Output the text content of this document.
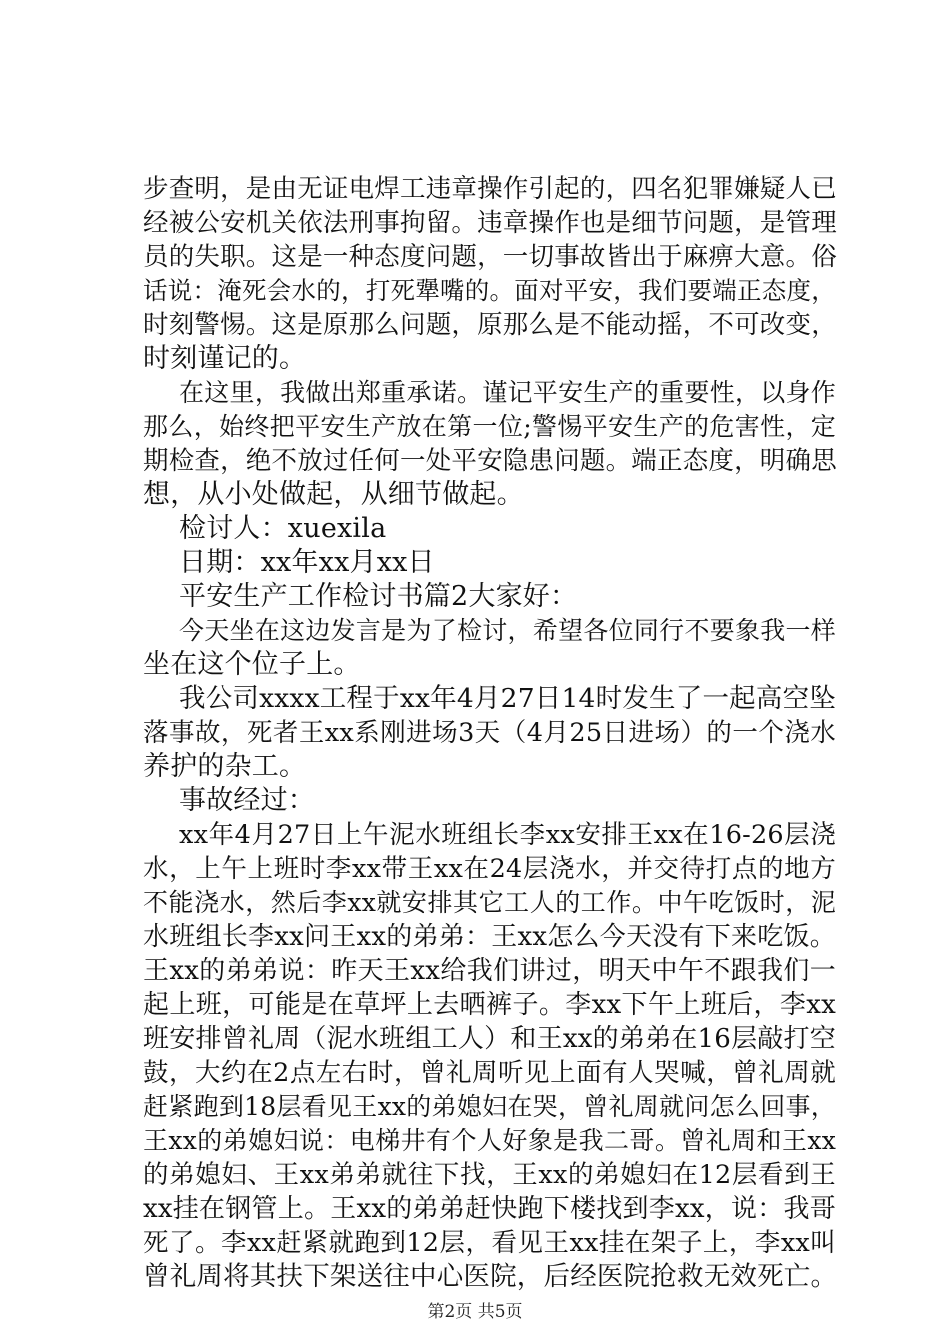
步查明，是由无证电焊工违章操作引起的，四名犯罪嫌疑人已
经被公安机关依法刑事拘留。违章操作也是细节问题，是管理
员的失职。这是一种态度问题，一切事故皆出于麻痹大意。俗
话说：淹死会水的，打死犟嘴的。面对平安，我们要端正态度，
时刻警惕。这是原那么问题，原那么是不能动摇，不可改变，
时刻谨记的。
在这里，我做出郑重承诺。谨记平安生产的重要性，以身作
那么，始终把平安生产放在第一位;警惕平安生产的危害性，定
期检查，绝不放过任何一处平安隐患问题。端正态度，明确思
想，从小处做起，从细节做起。
检讨人：xuexila
日期：xx年xx月xx日
平安生产工作检讨书篇2大家好：
今天坐在这边发言是为了检讨，希望各位同行不要象我一样
坐在这个位子上。
我公司xxxx工程于xx年4月27日14时发生了一起高空坠
落事故，死者王xx系刚进场3天（4月25日进场）的一个浇水
养护的杂工。
事故经过：
xx年4月27日上午泥水班组长李xx安排王xx在16-26层浇
水，上午上班时李xx带王xx在24层浇水，并交待打点的地方
不能浇水，然后李xx就安排其它工人的工作。中午吃饭时，泥
水班组长李xx问王xx的弟弟：王xx怎么今天没有下来吃饭。
王xx的弟弟说：昨天王xx给我们讲过，明天中午不跟我们一
起上班，可能是在草坪上去晒裤子。李xx下午上班后，李xx
班安排曾礼周（泥水班组工人）和王xx的弟弟在16层敲打空
鼓，大约在2点左右时，曾礼周听见上面有人哭喊，曾礼周就
赶紧跑到18层看见王xx的弟媳妇在哭，曾礼周就问怎么回事，
王xx的弟媳妇说：电梯井有个人好象是我二哥。曾礼周和王xx
的弟媳妇、王xx弟弟就往下找，王xx的弟媳妇在12层看到王
xx挂在钢管上。王xx的弟弟赶快跑下楼找到李xx，说：我哥
死了。李xx赶紧就跑到12层，看见王xx挂在架子上，李xx叫
曾礼周将其扶下架送往中心医院，后经医院抢救无效死亡。
第2页 共5页
